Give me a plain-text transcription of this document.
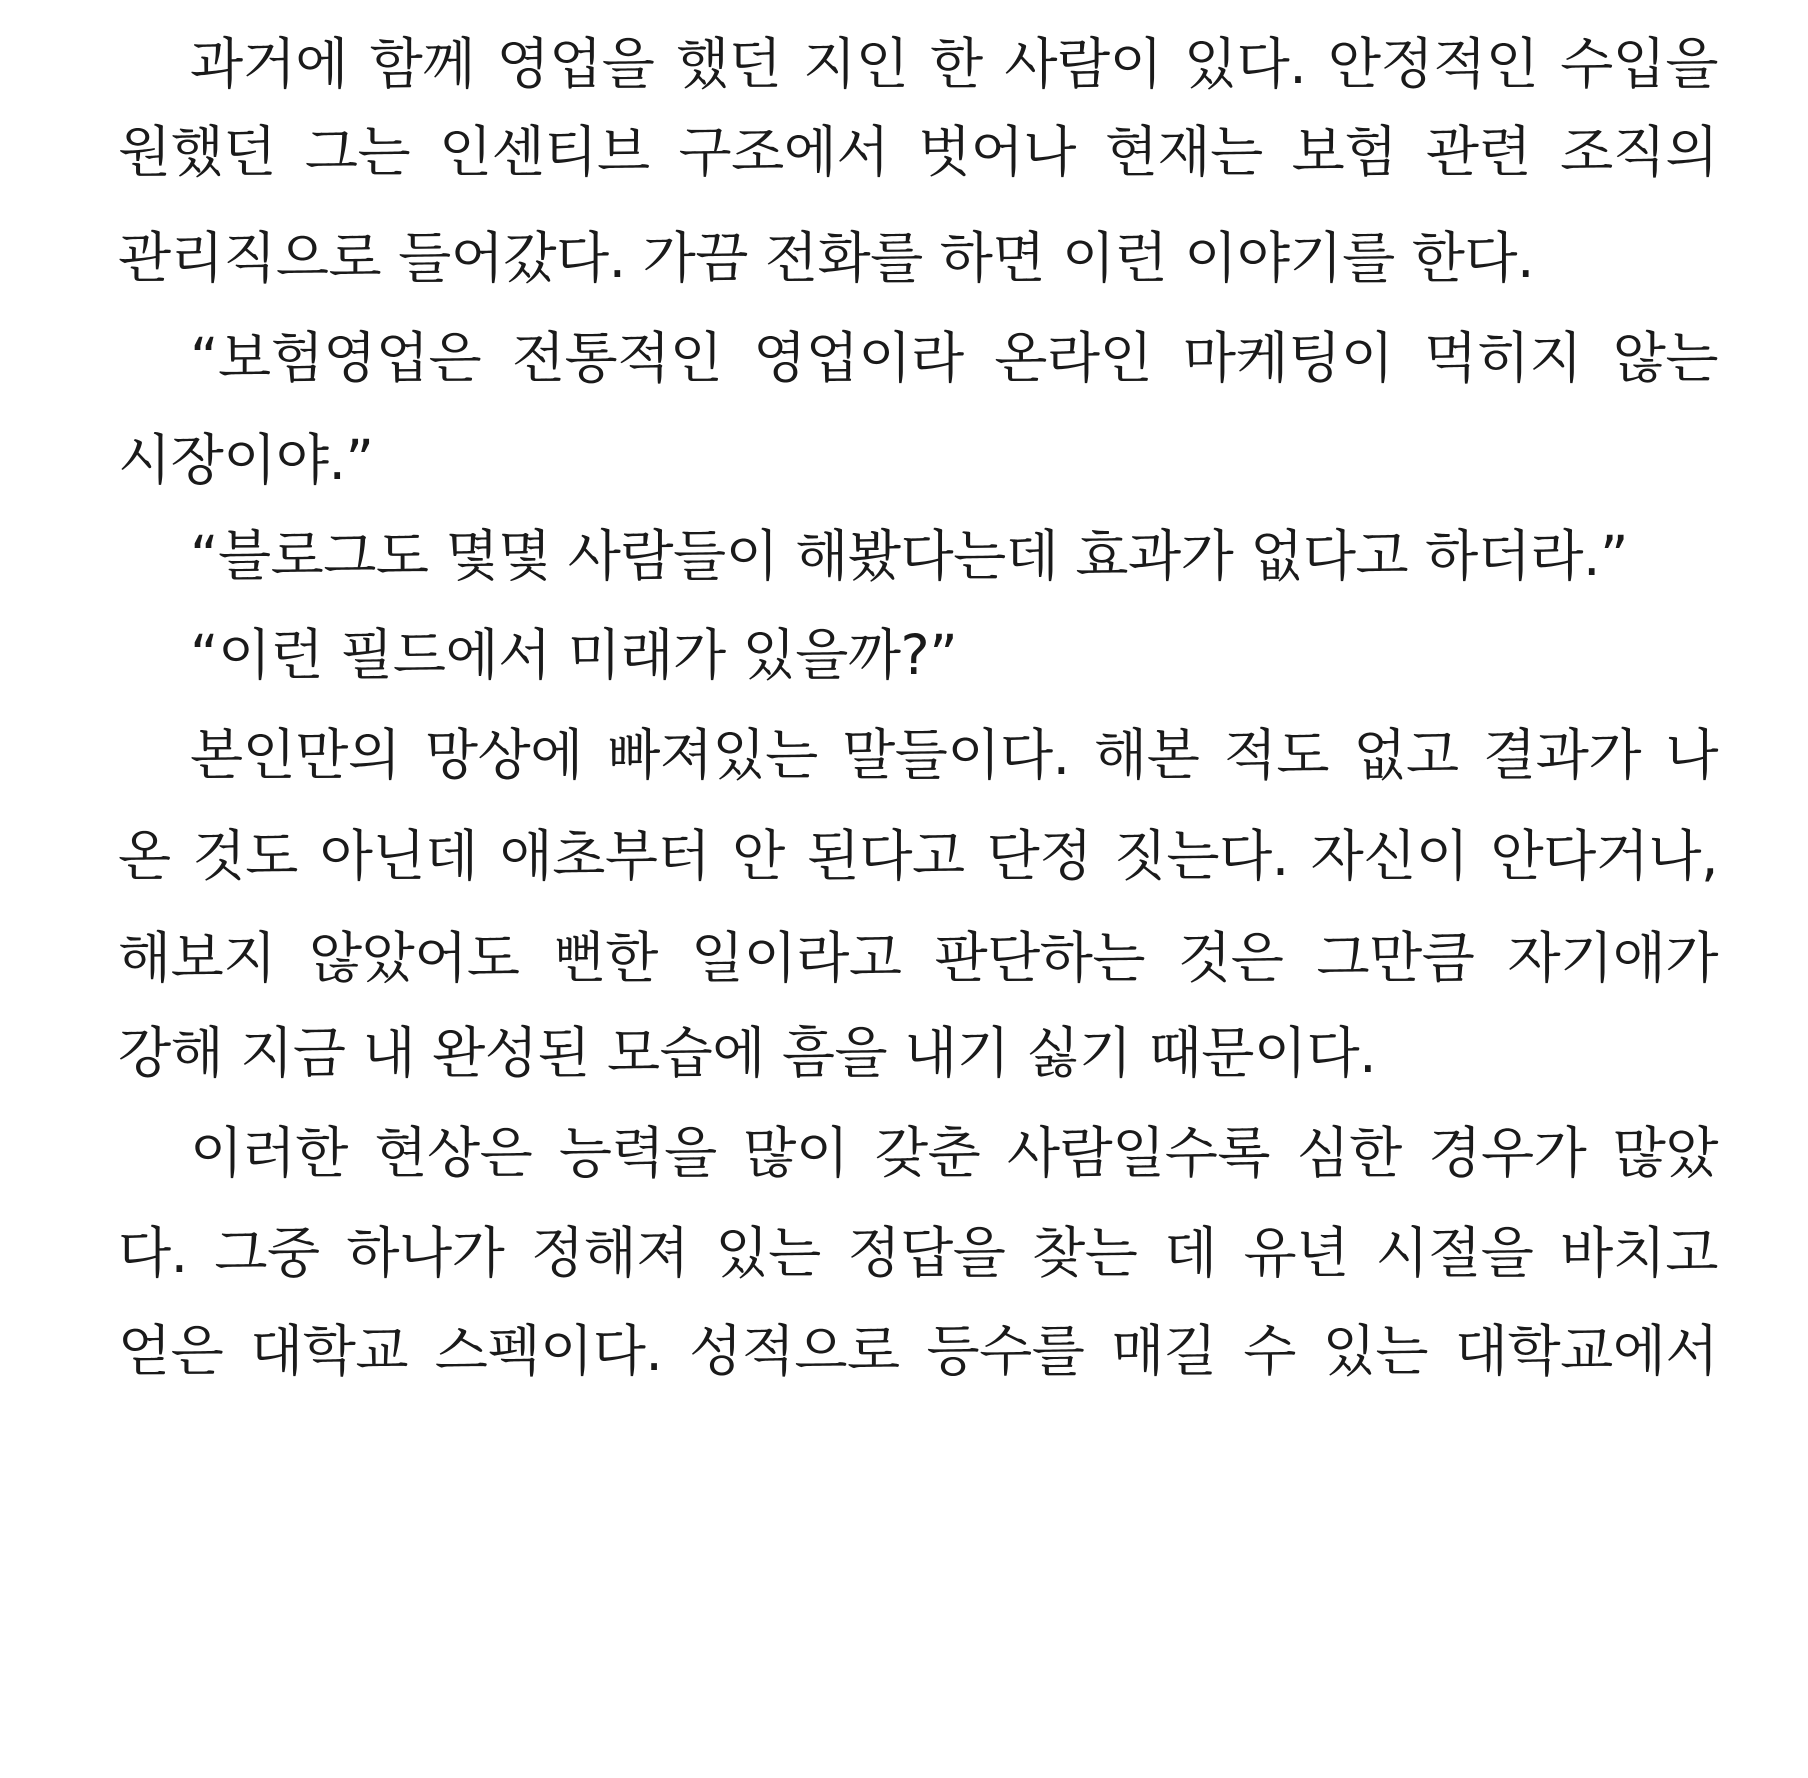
과거에 함께 영업을 했던 지인 한 사람이 있다. 안정적인 수입을

원했던 그는 인센티브 구조에서 벗어나 현재는 보험 관련 조직의

관리직으로 들어갔다. 가끔 전화를 하면 이런 이야기를 한다.

“보험영업은 전통적인 영업이라 온라인 마케팅이 먹히지 않는

시장이야.”

“블로그도 몇몇 사람들이 해봤다는데 효과가 없다고 하더라.”

“이런 필드에서 미래가 있을까?”

본인만의 망상에 빠져있는 말들이다. 해본 적도 없고 결과가 나

온 것도 아닌데 애초부터 안 된다고 단정 짓는다. 자신이 안다거나,

해보지 않았어도 뻔한 일이라고 판단하는 것은 그만큼 자기애가

강해 지금 내 완성된 모습에 흠을 내기 싫기 때문이다.

이러한 현상은 능력을 많이 갖춘 사람일수록 심한 경우가 많았

다. 그중 하나가 정해져 있는 정답을 찾는 데 유년 시절을 바치고

얻은 대학교 스펙이다. 성적으로 등수를 매길 수 있는 대학교에서
